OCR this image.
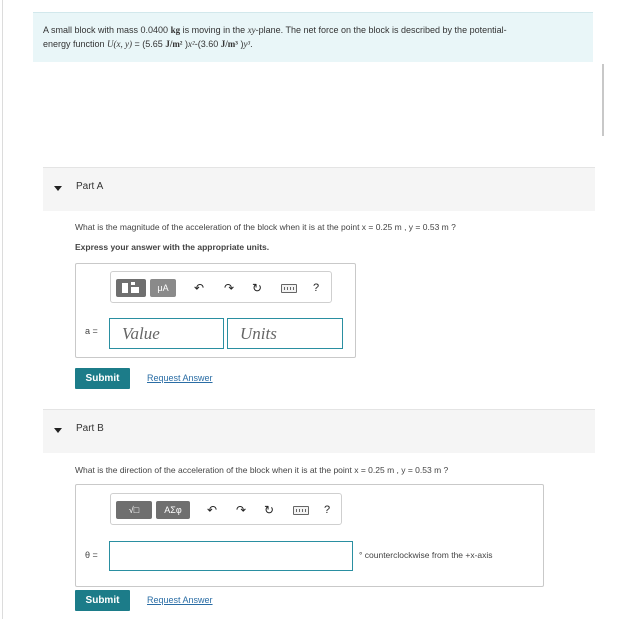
A small block with mass 0.0400 kg is moving in the xy-plane. The net force on the block is described by the potential-
energy function U(x, y) = (5.65 J/m² )x²-(3.60 J/m³ )y³.
Part A
What is the magnitude of the acceleration of the block when it is at the point x = 0.25 m , y = 0.53 m ?
Express your answer with the appropriate units.
μA ↶ ↷ ↻	?
a = Value	Units
Submit	Request Answer
Part B
What is the direction of the acceleration of the block when it is at the point x = 0.25 m , y = 0.53 m ?
√□	ΑΣφ ↶ ↷ ↻	?
θ =	° counterclockwise from the +x-axis
Submit	Request Answer
